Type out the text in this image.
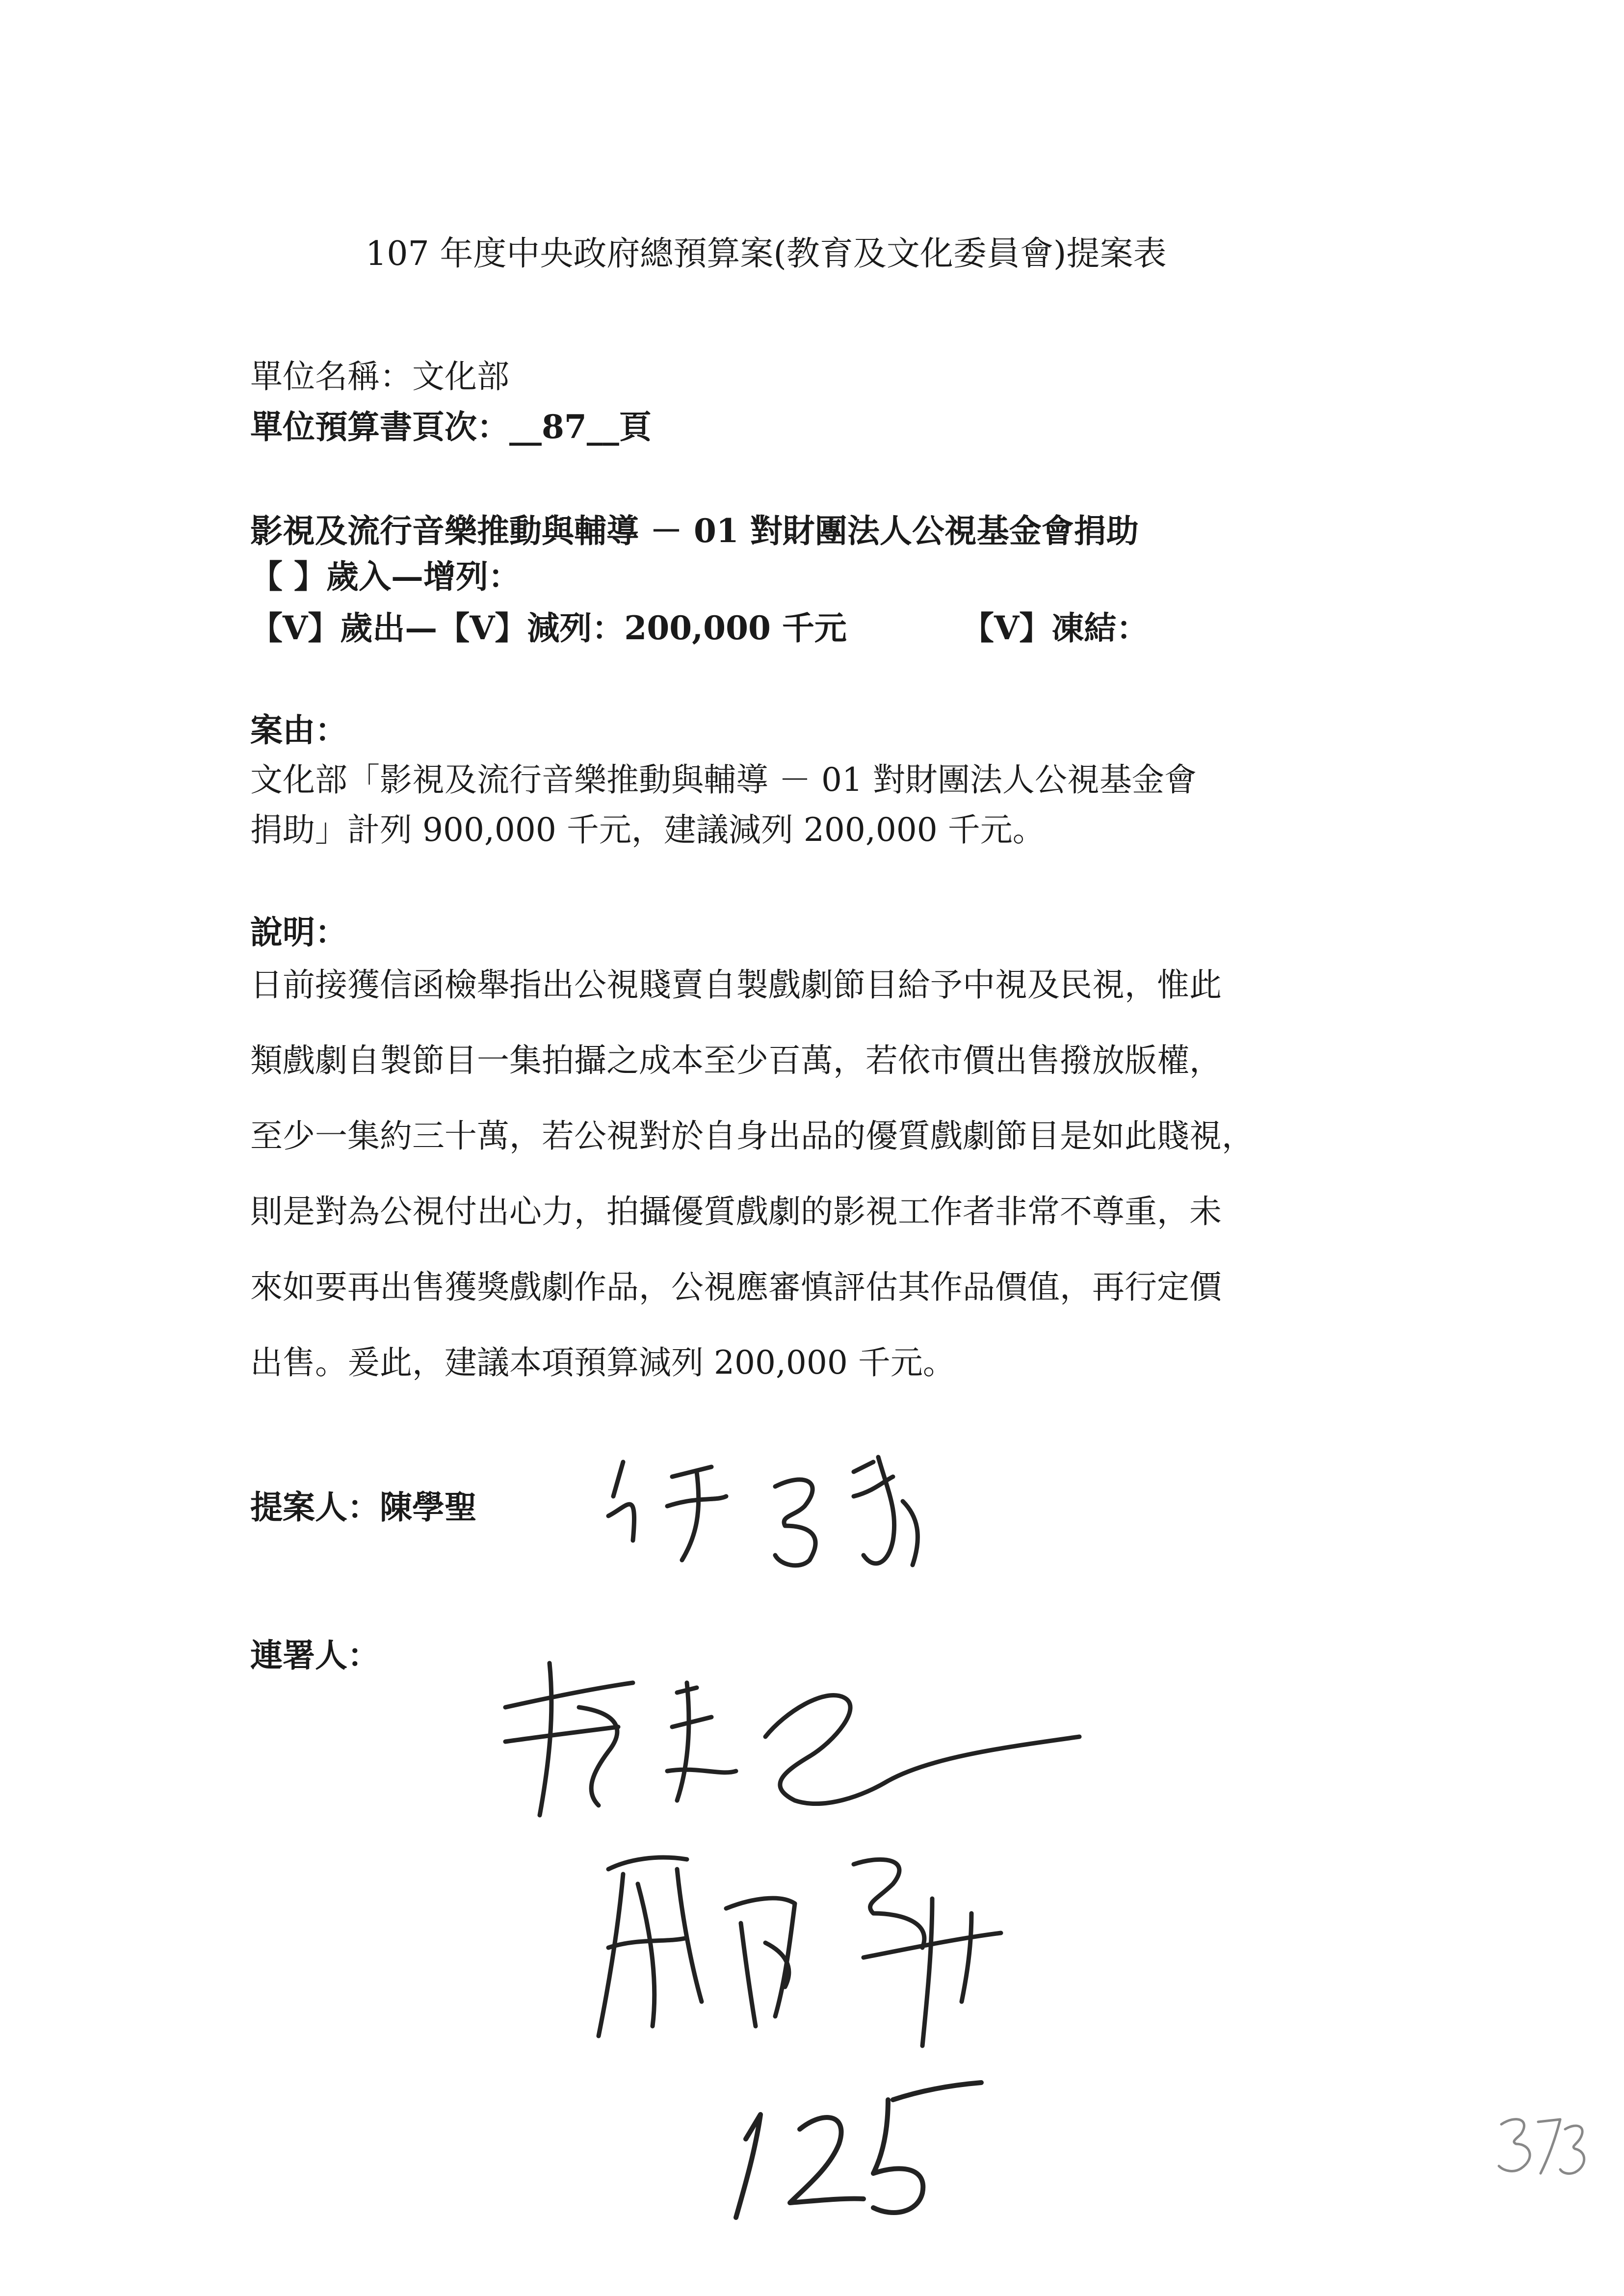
107 年度中央政府總預算案(教育及文化委員會)提案表
單位名稱：文化部
單位預算書頁次：__87__頁
影視及流行音樂推動與輔導 － 01 對財團法人公視基金會捐助
【 】歲入—增列：
【V】歲出—【V】減列：200,000 千元	【V】凍結：
案由：
文化部「影視及流行音樂推動與輔導 － 01 對財團法人公視基金會
捐助」計列 900,000 千元，建議減列 200,000 千元。
說明：
日前接獲信函檢舉指出公視賤賣自製戲劇節目給予中視及民視，惟此
類戲劇自製節目一集拍攝之成本至少百萬，若依市價出售撥放版權，
至少一集約三十萬，若公視對於自身出品的優質戲劇節目是如此賤視，
則是對為公視付出心力，拍攝優質戲劇的影視工作者非常不尊重，未
來如要再出售獲獎戲劇作品，公視應審慎評估其作品價值，再行定價
出售。爰此，建議本項預算減列 200,000 千元。
提案人：陳學聖
連署人：
